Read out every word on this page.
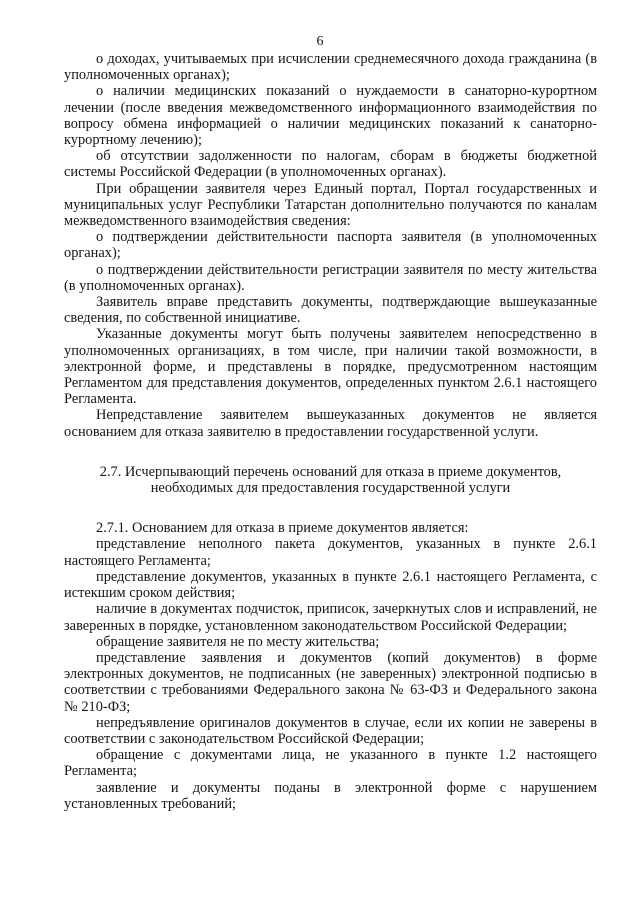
6

о доходах, учитываемых при исчислении среднемесячного дохода гражданина (в уполномоченных органах);

о наличии медицинских показаний о нуждаемости в санаторно-курортном лечении (после введения межведомственного информационного взаимодействия по вопросу обмена информацией о наличии медицинских показаний к санаторно-курортному лечению);

об отсутствии задолженности по налогам, сборам в бюджеты бюджетной системы Российской Федерации (в уполномоченных органах).

При обращении заявителя через Единый портал, Портал государственных и муниципальных услуг Республики Татарстан дополнительно получаются по каналам межведомственного взаимодействия сведения:

о подтверждении действительности паспорта заявителя (в уполномоченных органах);

о подтверждении действительности регистрации заявителя по месту жительства (в уполномоченных органах).

Заявитель вправе представить документы, подтверждающие вышеуказанные сведения, по собственной инициативе.

Указанные документы могут быть получены заявителем непосредственно в уполномоченных организациях, в том числе, при наличии такой возможности, в электронной форме, и представлены в порядке, предусмотренном настоящим Регламентом для представления документов, определенных пунктом 2.6.1 настоящего Регламента.

Непредставление заявителем вышеуказанных документов не является основанием для отказа заявителю в предоставлении государственной услуги.

2.7. Исчерпывающий перечень оснований для отказа в приеме документов,
необходимых для предоставления государственной услуги

2.7.1. Основанием для отказа в приеме документов является:

представление неполного пакета документов, указанных в пункте 2.6.1 настоящего Регламента;

представление документов, указанных в пункте 2.6.1 настоящего Регламента, с истекшим сроком действия;

наличие в документах подчисток, приписок, зачеркнутых слов и исправлений, не заверенных в порядке, установленном законодательством Российской Федерации;

обращение заявителя не по месту жительства;

представление заявления и документов (копий документов) в форме электронных документов, не подписанных (не заверенных) электронной подписью в соответствии с требованиями Федерального закона № 63-ФЗ и Федерального закона № 210-ФЗ;

непредъявление оригиналов документов в случае, если их копии не заверены в соответствии с законодательством Российской Федерации;

обращение с документами лица, не указанного в пункте 1.2 настоящего Регламента;

заявление и документы поданы в электронной форме с нарушением установленных требований;
